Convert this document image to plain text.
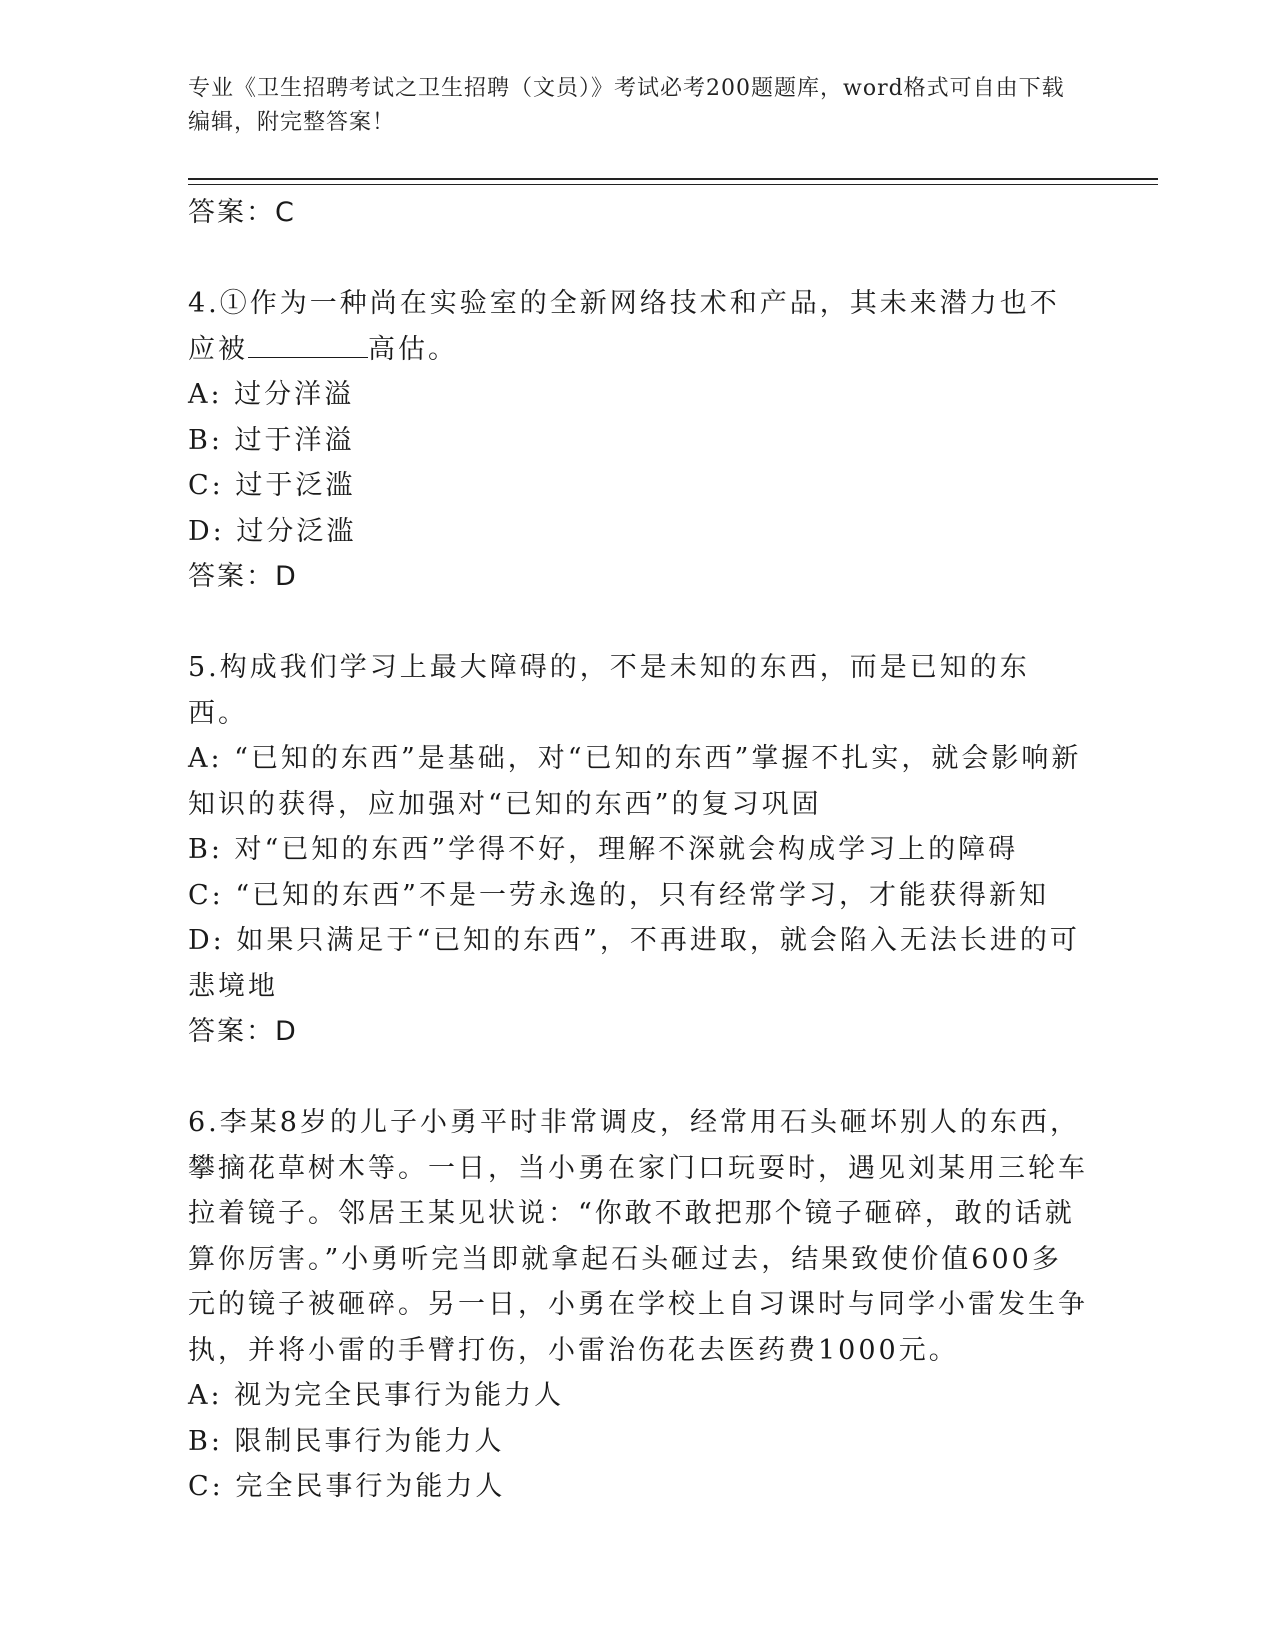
专业《卫生招聘考试之卫生招聘（文员）》考试必考200题题库，word格式可自由下载编辑，附完整答案！

答案：C

4.①作为一种尚在实验室的全新网络技术和产品，其未来潜力也不应被	高估。

A: 过分洋溢

B: 过于洋溢

C: 过于泛滥

D: 过分泛滥

答案：D

5.构成我们学习上最大障碍的，不是未知的东西，而是已知的东西。

A: “已知的东西”是基础，对“已知的东西”掌握不扎实，就会影响新知识的获得，应加强对“已知的东西”的复习巩固

B: 对“已知的东西”学得不好，理解不深就会构成学习上的障碍

C: “已知的东西”不是一劳永逸的，只有经常学习，才能获得新知

D: 如果只满足于“已知的东西”，不再进取，就会陷入无法长进的可悲境地

答案：D

6.李某8岁的儿子小勇平时非常调皮，经常用石头砸坏别人的东西，攀摘花草树木等。一日，当小勇在家门口玩耍时，遇见刘某用三轮车拉着镜子。邻居王某见状说：“你敢不敢把那个镜子砸碎，敢的话就算你厉害。”小勇听完当即就拿起石头砸过去，结果致使价值600多元的镜子被砸碎。另一日，小勇在学校上自习课时与同学小雷发生争执，并将小雷的手臂打伤，小雷治伤花去医药费1000元。

A: 视为完全民事行为能力人

B: 限制民事行为能力人

C: 完全民事行为能力人
